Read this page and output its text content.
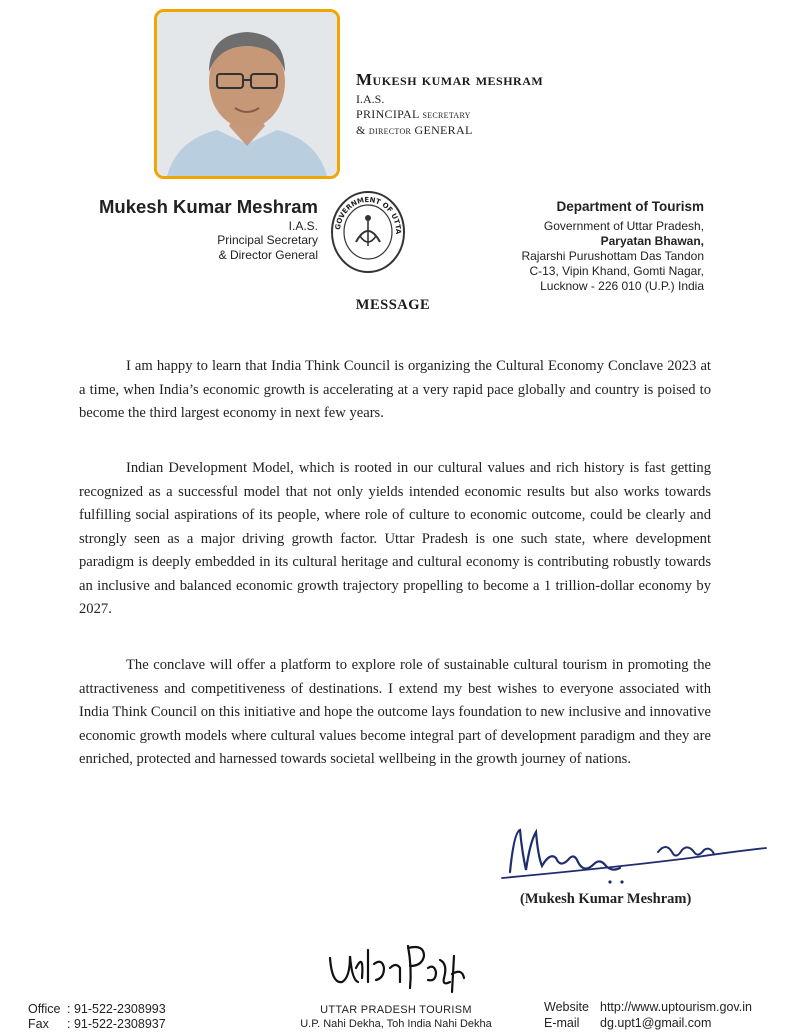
Mukesh kumar meshram
I.A.S.
PRINCIPAL secretary
& director GENERAL
Mukesh Kumar Meshram
I.A.S.
Principal Secretary
& Director General
GOVERNMENT OF UTTA
Department of Tourism
Government of Uttar Pradesh,
Paryatan Bhawan,
Rajarshi Purushottam Das Tandon
C-13, Vipin Khand, Gomti Nagar,
Lucknow - 226 010 (U.P.) India
MESSAGE
I am happy to learn that India Think Council is organizing the Cultural Economy Conclave 2023 at a time, when India’s economic growth is accelerating at a very rapid pace globally and country is poised to become the third largest economy in next few years.
Indian Development Model, which is rooted in our cultural values and rich history is fast getting recognized as a successful model that not only yields intended economic results but also works towards fulfilling social aspirations of its people, where role of culture to economic outcome, could be clearly and strongly seen as a major driving growth factor. Uttar Pradesh is one such state, where development paradigm is deeply embedded in its cultural heritage and cultural economy is contributing robustly towards an inclusive and balanced economic growth trajectory propelling to become a 1 trillion-dollar economy by 2027.
The conclave will offer a platform to explore role of sustainable cultural tourism in promoting the attractiveness and competitiveness of destinations. I extend my best wishes to everyone associated with India Think Council on this initiative and hope the outcome lays foundation to new inclusive and innovative economic growth models where cultural values become integral part of development paradigm and they are enriched, protected and harnessed towards societal wellbeing in the growth journey of nations.
(Mukesh Kumar Meshram)
UTTAR PRADESH TOURISM
U.P. Nahi Dekha, Toh India Nahi Dekha
Office : 91-522-2308993
Fax : 91-522-2308937
Website http://www.uptourism.gov.in
E-mail dg.upt1@gmail.com
